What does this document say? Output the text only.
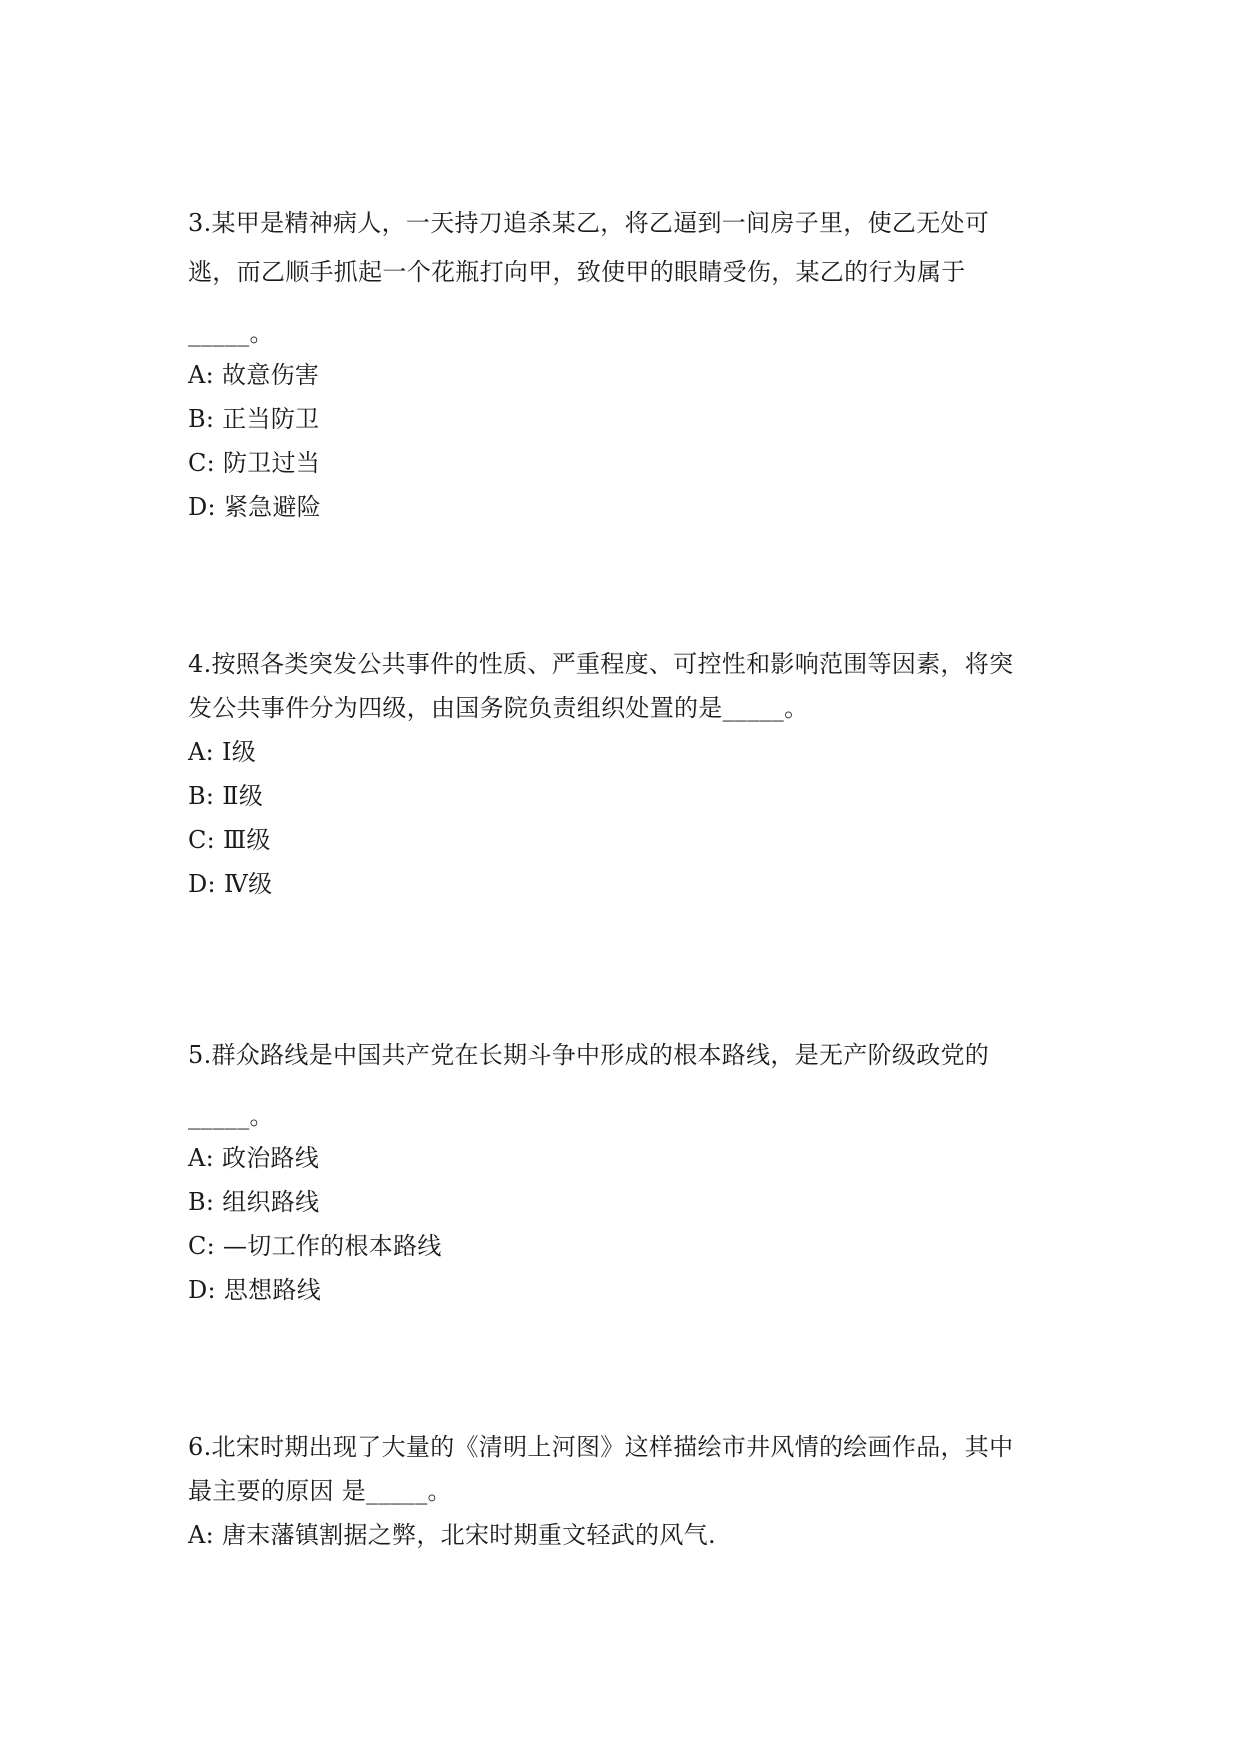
3.某甲是精神病人，一天持刀追杀某乙，将乙逼到一间房子里，使乙无处可

逃，而乙顺手抓起一个花瓶打向甲，致使甲的眼睛受伤，某乙的行为属于

_____。

A: 故意伤害

B: 正当防卫

C: 防卫过当

D: 紧急避险

4.按照各类突发公共事件的性质、严重程度、可控性和影响范围等因素，将突

发公共事件分为四级，由国务院负责组织处置的是_____。

A: Ⅰ级

B: Ⅱ级

C: Ⅲ级

D: Ⅳ级

5.群众路线是中国共产党在长期斗争中形成的根本路线，是无产阶级政党的

_____。

A: 政治路线

B: 组织路线

C: —切工作的根本路线

D: 思想路线

6.北宋时期出现了大量的《清明上河图》这样描绘市井风情的绘画作品，其中

最主要的原因 是_____。

A: 唐末藩镇割据之弊，北宋时期重文轻武的风气.
